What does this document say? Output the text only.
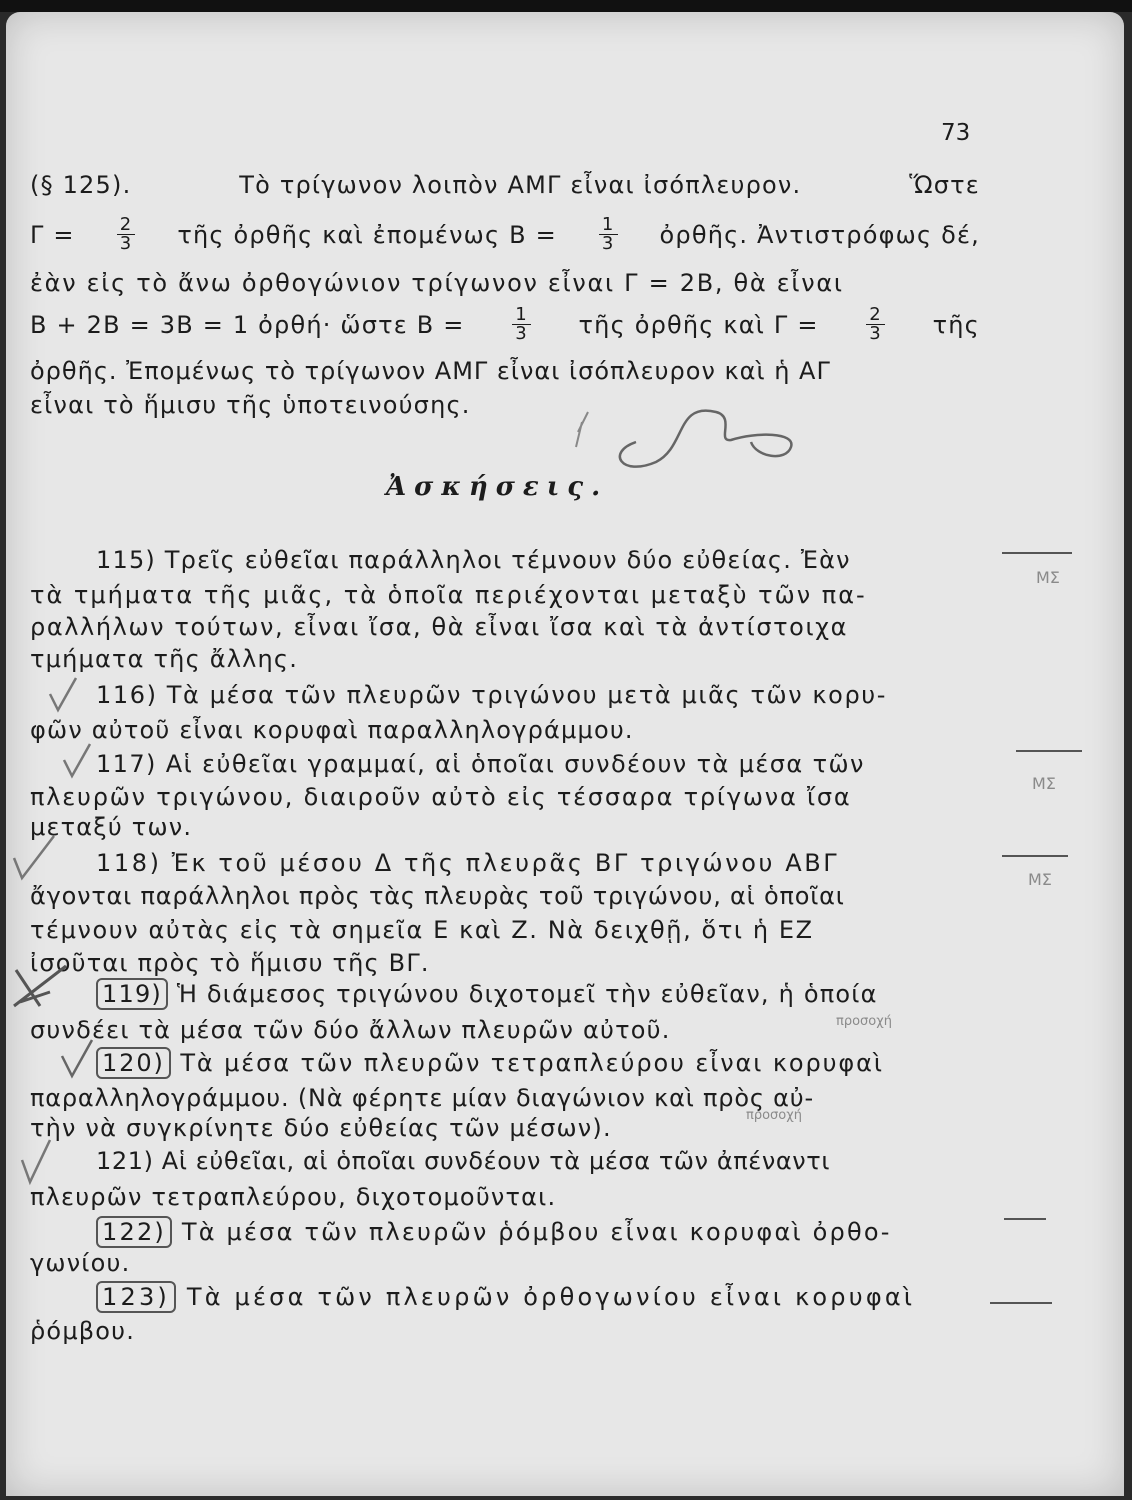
73
(§ 125).	Τὸ τρίγωνον λοιπὸν ΑΜΓ εἶναι ἰσόπλευρον.	Ὥστε
$\Gamma = \frac{2}{3}$ τῆς ὀρθῆς καὶ ἐπομένως $B = \frac{1}{3}$ ὀρθῆς. Ἀντιστρόφως δέ,
ἐὰν εἰς τὸ ἄνω ὀρθογώνιον τρίγωνον εἶναι Γ = 2Β, θὰ εἶναι
Β + 2Β = 3Β = 1 ὀρθή· ὥστε Β =	$\frac{1}{3}$ τῆς ὀρθῆς καὶ Γ =	$\frac{2}{3}$ τῆς
ὀρθῆς. Ἐπομένως τὸ τρίγωνον ΑΜΓ εἶναι ἰσόπλευρον καὶ ἡ ΑΓ
εἶναι τὸ ἥμισυ τῆς ὑποτεινούσης.
Ἀσκήσεις.
115) Τρεῖς εὐθεῖαι παράλληλοι τέμνουν δύο εὐθείας. Ἐὰν
τὰ τμήματα τῆς μιᾶς, τὰ ὁποῖα περιέχονται μεταξὺ τῶν πα-
ραλλήλων τούτων, εἶναι ἴσα, θὰ εἶναι ἴσα καὶ τὰ ἀντίστοιχα
τμήματα τῆς ἄλλης.
116) Τὰ μέσα τῶν πλευρῶν τριγώνου μετὰ μιᾶς τῶν κορυ-
φῶν αὐτοῦ εἶναι κορυφαὶ παραλληλογράμμου.
117) Αἱ εὐθεῖαι γραμμαί, αἱ ὁποῖαι συνδέουν τὰ μέσα τῶν
πλευρῶν τριγώνου, διαιροῦν αὐτὸ εἰς τέσσαρα τρίγωνα ἴσα
μεταξύ των.
118) Ἐκ τοῦ μέσου Δ τῆς πλευρᾶς ΒΓ τριγώνου ΑΒΓ
ἄγονται παράλληλοι πρὸς τὰς πλευρὰς τοῦ τριγώνου, αἱ ὁποῖαι
τέμνουν αὐτὰς εἰς τὰ σημεῖα Ε καὶ Ζ. Νὰ δειχθῇ, ὅτι ἡ ΕΖ
ἰσοῦται πρὸς τὸ ἥμισυ τῆς ΒΓ.
119) Ἡ διάμεσος τριγώνου διχοτομεῖ τὴν εὐθεῖαν, ἡ ὁποία
συνδέει τὰ μέσα τῶν δύο ἄλλων πλευρῶν αὐτοῦ.
120) Τὰ μέσα τῶν πλευρῶν τετραπλεύρου εἶναι κορυφαὶ
παραλληλογράμμου. (Νὰ φέρητε μίαν διαγώνιον καὶ πρὸς αὐ-
τὴν νὰ συγκρίνητε δύο εὐθείας τῶν μέσων).
121) Αἱ εὐθεῖαι, αἱ ὁποῖαι συνδέουν τὰ μέσα τῶν ἀπέναντι
πλευρῶν τετραπλεύρου, διχοτομοῦνται.
122) Τὰ μέσα τῶν πλευρῶν ῥόμβου εἶναι κορυφαὶ ὀρθο-
γωνίου.
123) Τὰ μέσα τῶν πλευρῶν ὀρθογωνίου εἶναι κορυφαὶ
ῥόμβου.
ΜΣ
ΜΣ
ΜΣ
προσοχή
προσοχή
